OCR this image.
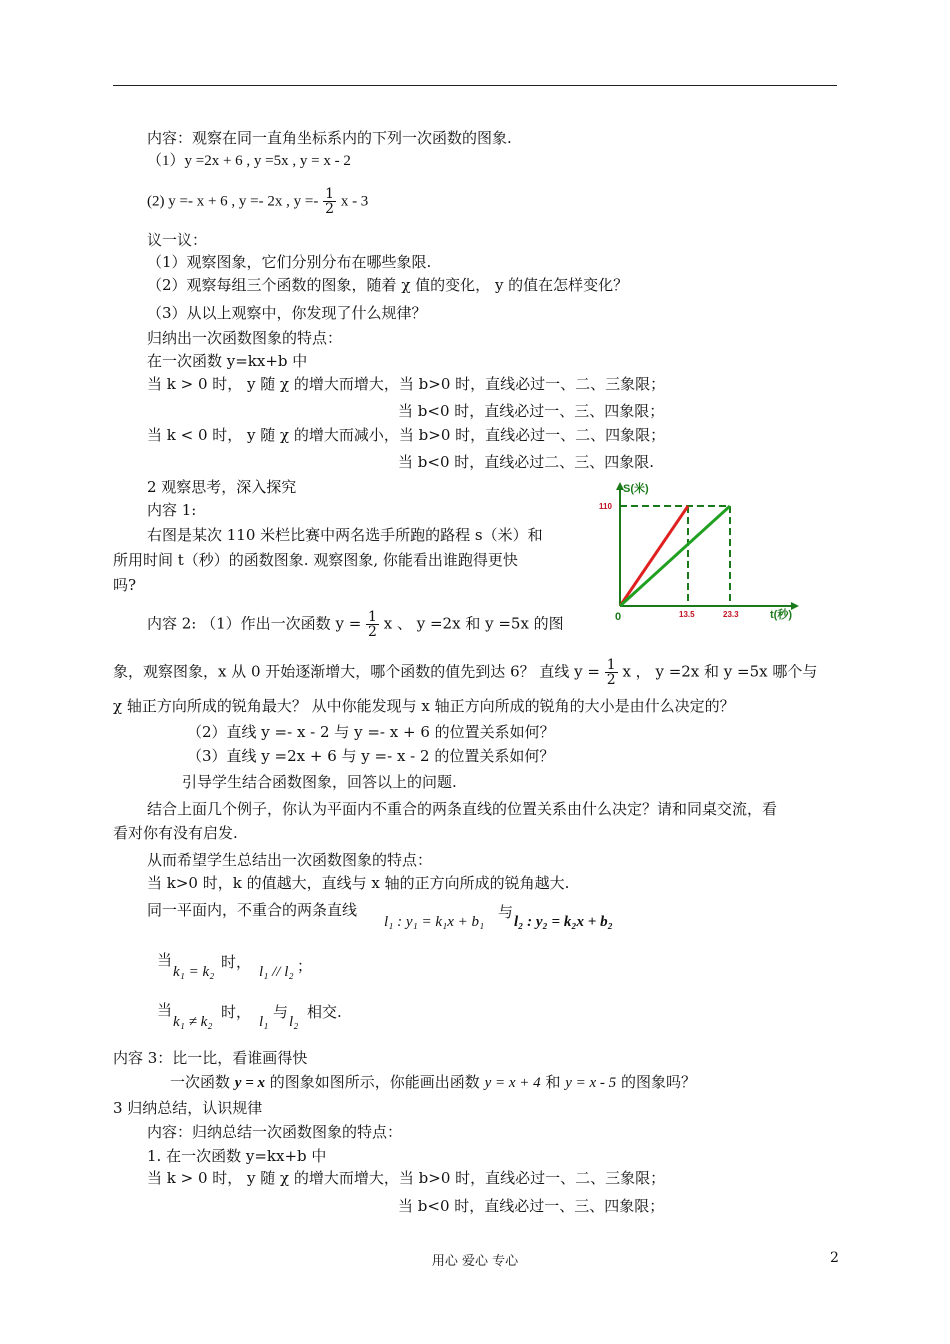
内容：观察在同一直角坐标系内的下列一次函数的图象.
（1）y =2x + 6 , y =5x , y = x - 2
(2) y =- x + 6 , y =- 2x , $y =- \frac{1}{2}$ x - 3
议一议：
（1）观察图象，它们分别分布在哪些象限.
（2）观察每组三个函数的图象，随着 χ 值的变化， y 的值在怎样变化？
（3）从以上观察中，你发现了什么规律？
归纳出一次函数图象的特点：
在一次函数 y=kx+b 中
当 k > 0 时， y 随 χ 的增大而增大，当 b>0 时，直线必过一、二、三象限；
当 b<0 时，直线必过一、三、四象限；
当 k < 0 时， y 随 χ 的增大而减小，当 b>0 时，直线必过一、二、四象限；
当 b<0 时，直线必过二、三、四象限.
2 观察思考，深入探究
内容 1:
右图是某次 110 米栏比赛中两名选手所跑的路程 s（米）和
所用时间 t（秒）的函数图象. 观察图象, 你能看出谁跑得更快
吗?
内容 2: （1）作出一次函数 $y = \frac{1}{2}$ x 、 y =2x 和 y =5x 的图
象，观察图象，x 从 0 开始逐渐增大，哪个函数的值先到达 6？ 直线 $y = \frac{1}{2}$ x ， y =2x 和 y =5x 哪个与
χ 轴正方向所成的锐角最大？ 从中你能发现与 x 轴正方向所成的锐角的大小是由什么决定的？
（2）直线 y =- x - 2 与 y =- x + 6 的位置关系如何？
（3）直线 y =2x + 6 与 y =- x - 2 的位置关系如何？
引导学生结合函数图象，回答以上的问题.
结合上面几个例子，你认为平面内不重合的两条直线的位置关系由什么决定？请和同桌交流，看
看对你有没有启发.
从而希望学生总结出一次函数图象的特点：
当 k>0 时，k 的值越大，直线与 x 轴的正方向所成的锐角越大.
同一平面内，不重合的两条直线
l₁ : y₁ = k₁x + b₁
与
l₂ : y₂ = k₂x + b₂
当
k₁ = k₂
时，
l₁ // l₂ ；
当
k₁ ≠ k₂
时，
l₁
与
l₂
相交.
内容 3：比一比，看谁画得快
一次函数 y = x 的图象如图所示，你能画出函数 y = x + 4 和 y = x - 5 的图象吗？
3 归纳总结，认识规律
内容：归纳总结一次函数图象的特点：
1. 在一次函数 y=kx+b 中
当 k > 0 时， y 随 χ 的增大而增大，当 b>0 时，直线必过一、二、三象限；
当 b<0 时，直线必过一、三、四象限；
S(米)
t(秒)
0
110
13.5	23.3
用心 爱心 专心	2
